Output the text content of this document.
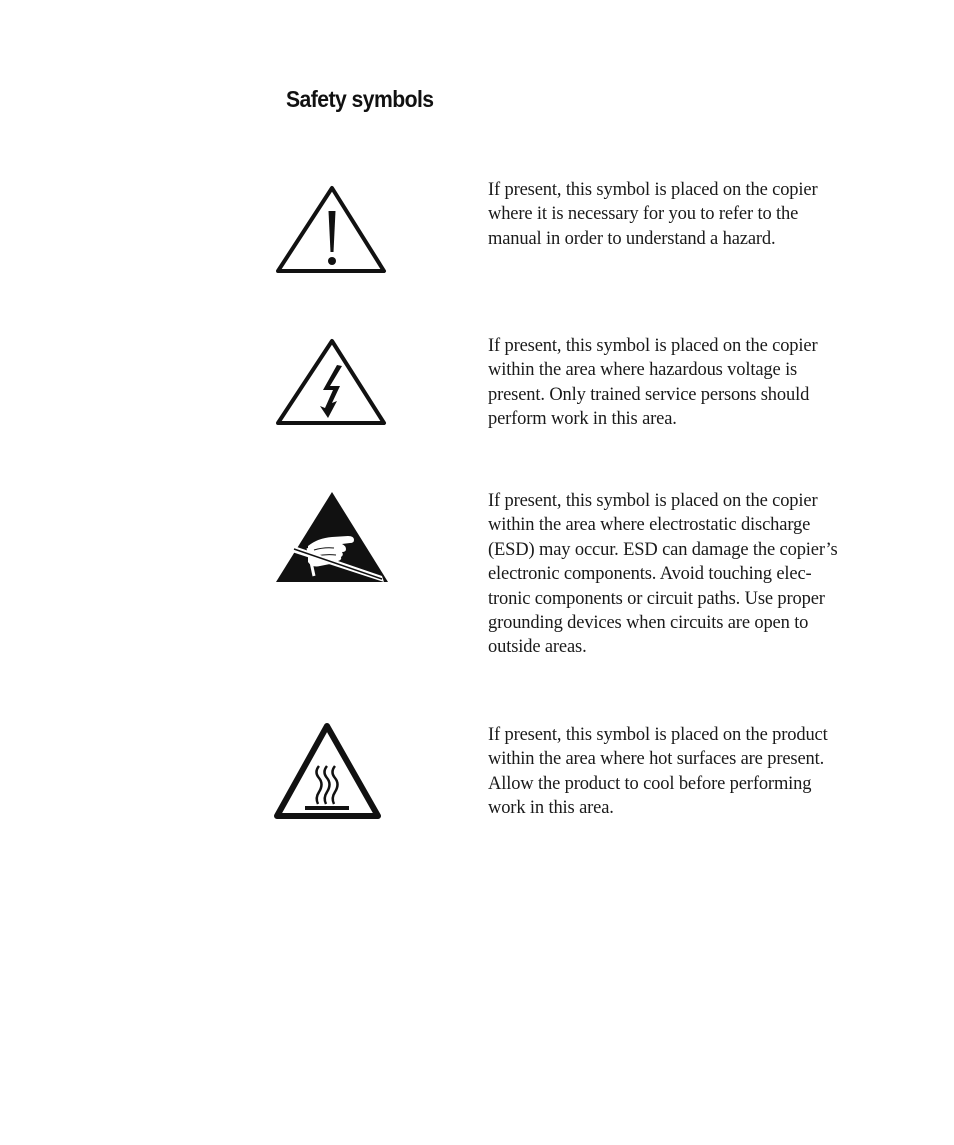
Safety symbols

If present, this symbol is placed on the copier
where it is necessary for you to refer to the
manual in order to understand a hazard.

If present, this symbol is placed on the copier
within the area where hazardous voltage is
present. Only trained service persons should
perform work in this area.

If present, this symbol is placed on the copier
within the area where electrostatic discharge
(ESD) may occur. ESD can damage the copier’s
electronic components. Avoid touching elec-
tronic components or circuit paths. Use proper
grounding devices when circuits are open to
outside areas.

If present, this symbol is placed on the product
within the area where hot surfaces are present.
Allow the product to cool before performing
work in this area.
